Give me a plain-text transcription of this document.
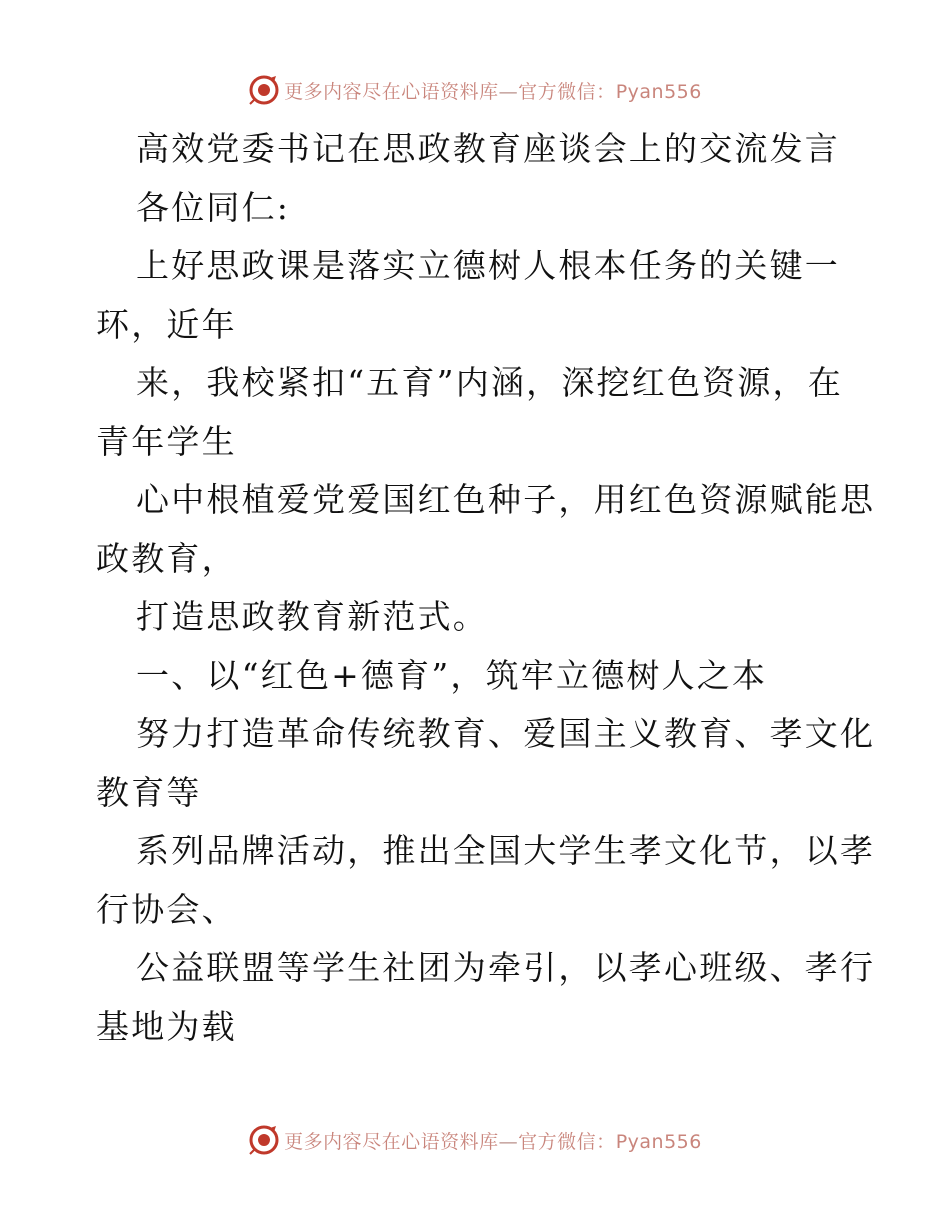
更多内容尽在心语资料库—官方微信：Pyan556
高效党委书记在思政教育座谈会上的交流发言
各位同仁:
上好思政课是落实立德树人根本任务的关键一
环，近年
来，我校紧扣“五育”内涵，深挖红色资源，在
青年学生
心中根植爱党爱国红色种子，用红色资源赋能思
政教育，
打造思政教育新范式。
一、以“红色+德育”，筑牢立德树人之本
努力打造革命传统教育、爱国主义教育、孝文化
教育等
系列品牌活动，推出全国大学生孝文化节，以孝
行协会、
公益联盟等学生社团为牵引，以孝心班级、孝行
基地为载
更多内容尽在心语资料库—官方微信：Pyan556
